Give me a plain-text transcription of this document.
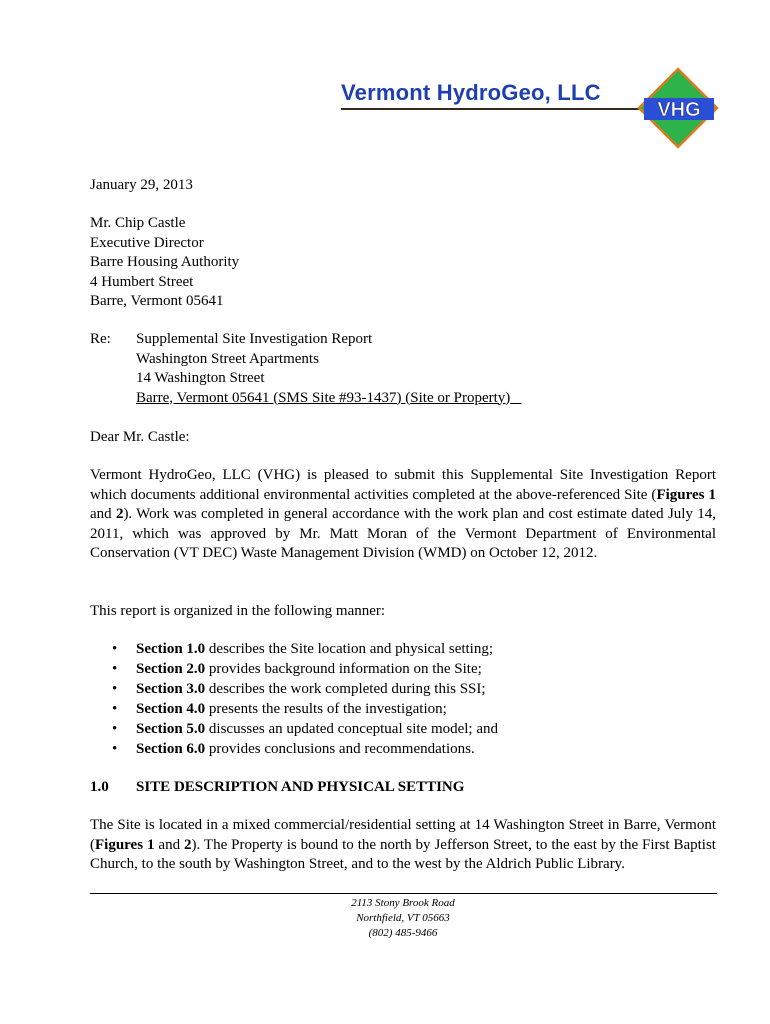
Vermont HydroGeo, LLC
VHG
January 29, 2013
Mr. Chip Castle
Executive Director
Barre Housing Authority
4 Humbert Street
Barre, Vermont 05641
Re: Supplemental Site Investigation Report
Washington Street Apartments
14 Washington Street
Barre, Vermont 05641 (SMS Site #93-1437) (Site or Property)
Dear Mr. Castle:
Vermont HydroGeo, LLC (VHG) is pleased to submit this Supplemental Site Investigation Report which documents additional environmental activities completed at the above-referenced Site (Figures 1 and 2). Work was completed in general accordance with the work plan and cost estimate dated July 14, 2011, which was approved by Mr. Matt Moran of the Vermont Department of Environmental Conservation (VT DEC) Waste Management Division (WMD) on October 12, 2012.
This report is organized in the following manner:
• Section 1.0 describes the Site location and physical setting;
• Section 2.0 provides background information on the Site;
• Section 3.0 describes the work completed during this SSI;
• Section 4.0 presents the results of the investigation;
• Section 5.0 discusses an updated conceptual site model; and
• Section 6.0 provides conclusions and recommendations.
1.0 SITE DESCRIPTION AND PHYSICAL SETTING
The Site is located in a mixed commercial/residential setting at 14 Washington Street in Barre, Vermont (Figures 1 and 2). The Property is bound to the north by Jefferson Street, to the east by the First Baptist Church, to the south by Washington Street, and to the west by the Aldrich Public Library.
2113 Stony Brook Road
Northfield, VT 05663
(802) 485-9466
